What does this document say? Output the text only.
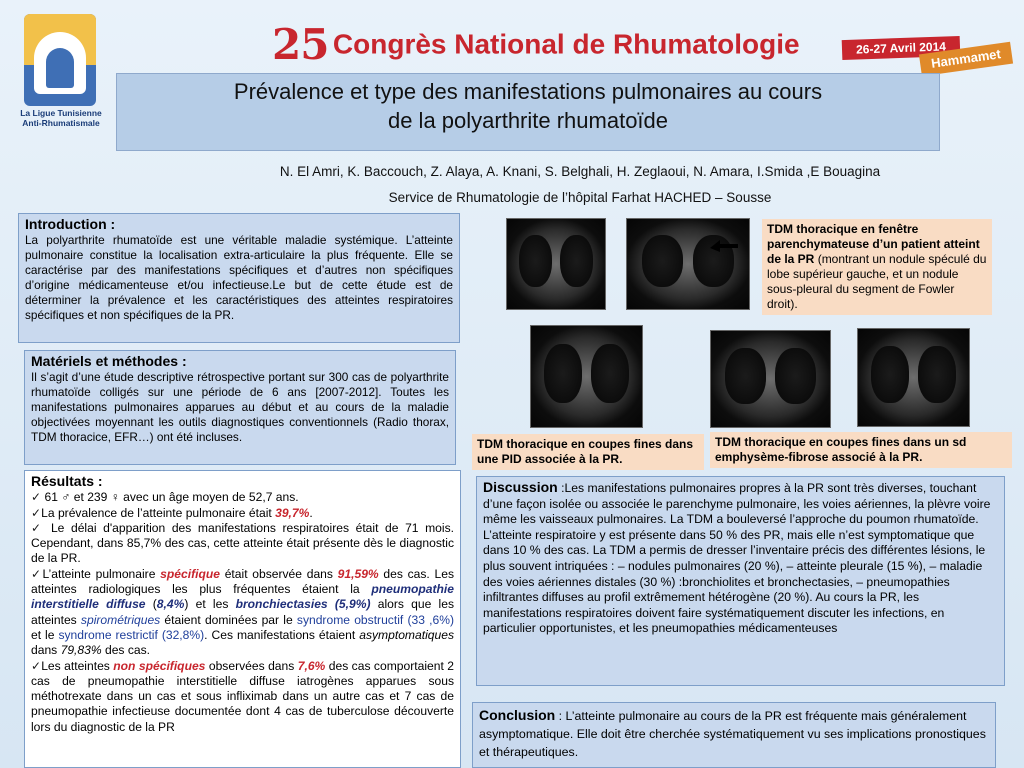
La Ligue Tunisienne
Anti-Rhumatismale
25 Congrès National de Rhumatologie	26-27 Avril 2014
Hammamet
Prévalence et type des manifestations pulmonaires au cours
de la polyarthrite rhumatoïde
N. El Amri, K. Baccouch, Z. Alaya, A. Knani, S. Belghali, H. Zeglaoui, N. Amara, I.Smida ,E Bouagina
Service de Rhumatologie de l’hôpital Farhat HACHED – Sousse
Introduction :
La polyarthrite rhumatoïde est une véritable maladie systémique. L’atteinte pulmonaire constitue la localisation extra-articulaire la plus fréquente. Elle se caractérise par des manifestations spécifiques et d’autres non spécifiques d’origine médicamenteuse et/ou infectieuse.Le but de cette étude est de déterminer la prévalence et les caractéristiques des atteintes respiratoires spécifiques et non spécifiques de la PR.
Matériels et méthodes :
Il s’agit d’une étude descriptive rétrospective portant sur 300 cas de polyarthrite rhumatoïde colligés sur une période de 6 ans [2007-2012]. Toutes les manifestations pulmonaires apparues au début et au cours de la maladie objectivées moyennant les outils diagnostiques conventionnels (Radio thorax, TDM thoracice, EFR…) ont été incluses.
Résultats :

✓ 61 ♂ et 239 ♀ avec un âge moyen de 52,7 ans.

✓La prévalence de l’atteinte pulmonaire était 39,7%.

✓ Le délai d'apparition des manifestations respiratoires était de 71 mois. Cependant, dans 85,7% des cas, cette atteinte était présente dès le diagnostic de la PR.

✓L’atteinte pulmonaire spécifique était observée dans 91,59% des cas. Les atteintes radiologiques les plus fréquentes étaient la pneumopathie interstitielle diffuse (8,4%) et les bronchiectasies (5,9%) alors que les atteintes spirométriques étaient dominées par le syndrome obstructif (33 ,6%) et le syndrome restrictif (32,8%). Ces manifestations étaient asymptomatiques dans 79,83% des cas.

✓Les atteintes non spécifiques observées dans 7,6% des cas comportaient 2 cas de pneumopathie interstitielle diffuse iatrogènes apparues sous méthotrexate dans un cas et sous infliximab dans un autre cas et 7 cas de pneumopathie infectieuse documentée dont 4 cas de tuberculose découverte lors du diagnostic de la PR

TDM thoracique en fenêtre parenchymateuse d’un patient atteint de la PR (montrant un nodule spéculé du lobe supérieur gauche, et un nodule sous-pleural du segment de Fowler droit).
TDM thoracique en coupes fines dans une PID associée à la PR.
TDM thoracique en coupes fines dans un sd emphysème-fibrose associé à la PR.
Discussion :Les manifestations pulmonaires propres à la PR sont très diverses, touchant d’une façon isolée ou associée le parenchyme pulmonaire, les voies aériennes, la plèvre voire même les vaisseaux pulmonaires. La TDM a bouleversé l’approche du poumon rhumatoïde. L’atteinte respiratoire y est présente dans 50 % des PR, mais elle n’est symptomatique que dans 10 % des cas. La TDM a permis de dresser l’inventaire précis des différentes lésions, le plus souvent intriquées : – nodules pulmonaires (20 %), – atteinte pleurale (15 %), – maladie des voies aériennes distales (30 %) :bronchiolites et bronchectasies, – pneumopathies infiltrantes diffuses au profil extrêmement hétérogène (20 %). Au cours la PR, les manifestations respiratoires doivent faire systématiquement discuter les infections, en particulier opportunistes, et les pneumopathies médicamenteuses
Conclusion : L’atteinte pulmonaire au cours de la PR est fréquente mais généralement asymptomatique. Elle doit être cherchée systématiquement vu ses implications pronostiques et thérapeutiques.
